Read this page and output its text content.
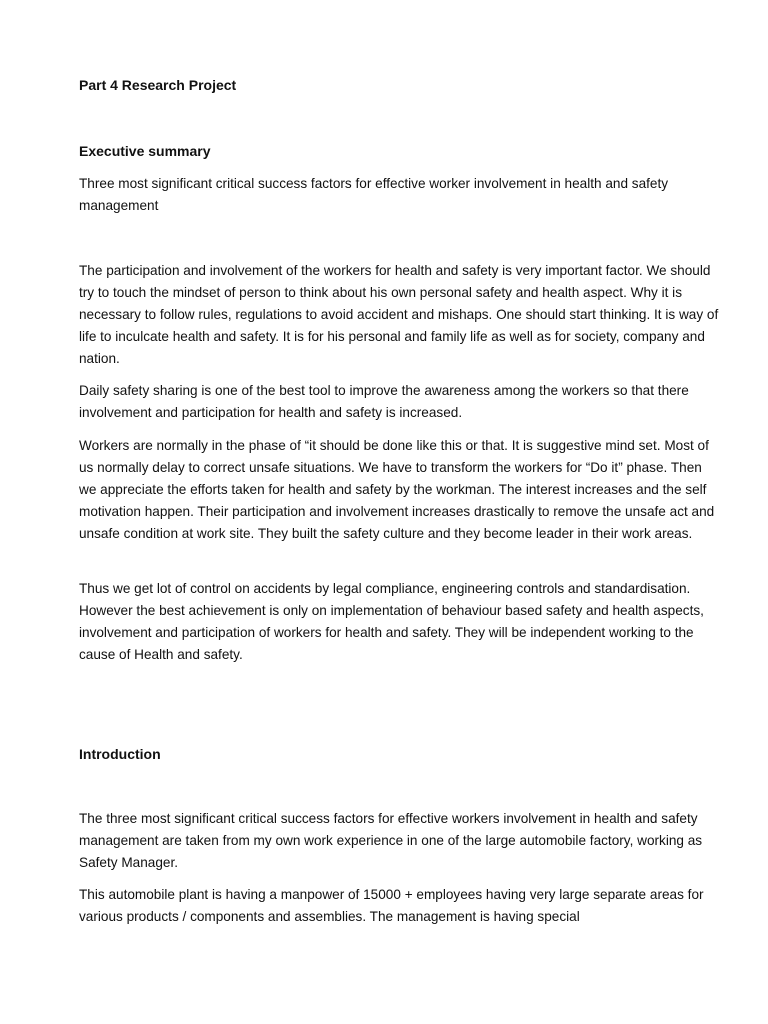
Part 4 Research Project
Executive summary

Three most significant critical success factors for effective worker involvement in health and safety management

The participation and involvement of the workers for health and safety is very important factor. We should try to touch the mindset of person to think about his own personal safety and health aspect. Why it is necessary to follow rules, regulations to avoid accident and mishaps. One should start thinking. It is way of life to inculcate health and safety. It is for his personal and family life as well as for society, company and nation.

Daily safety sharing is one of the best tool to improve the awareness among the workers so that there involvement and participation for health and safety is increased.

Workers are normally in the phase of “it should be done like this or that. It is suggestive mind set. Most of us normally delay to correct unsafe situations. We have to transform the workers for “Do it” phase. Then we appreciate the efforts taken for health and safety by the workman. The interest increases and the self motivation happen. Their participation and involvement increases drastically to remove the unsafe act and unsafe condition at work site. They built the safety culture and they become leader in their work areas.

Thus we get lot of control on accidents by legal compliance, engineering controls and standardisation. However the best achievement is only on implementation of behaviour based safety and health aspects, involvement and participation of workers for health and safety. They will be independent working to the cause of Health and safety.

Introduction

The three most significant critical success factors for effective workers involvement in health and safety management are taken from my own work experience in one of the large automobile factory, working as Safety Manager.

This automobile plant is having a manpower of 15000 + employees having very large separate areas for various products / components and assemblies. The management is having special
